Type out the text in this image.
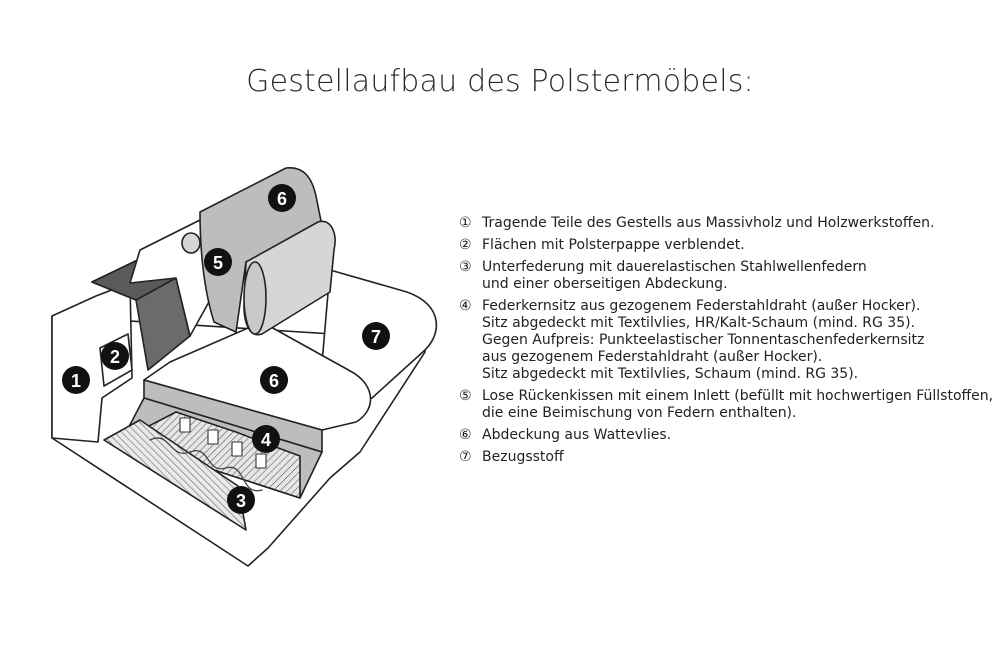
Gestellaufbau des Polstermöbels:
1
2
3
4
5
6
6
7
① Tragende Teile des Gestells aus Massivholz und Holzwerkstoffen.
② Flächen mit Polsterpappe verblendet.
③ Unterfederung mit dauerelastischen Stahlwellenfedern
und einer oberseitigen Abdeckung.
④ Federkernsitz aus gezogenem Federstahldraht (außer Hocker).
Sitz abgedeckt mit Textilvlies, HR/Kalt-Schaum (mind. RG 35).
Gegen Aufpreis: Punkteelastischer Tonnentaschenfederkernsitz
aus gezogenem Federstahldraht (außer Hocker).
Sitz abgedeckt mit Textilvlies, Schaum (mind. RG 35).
⑤ Lose Rückenkissen mit einem Inlett (befüllt mit hochwertigen Füllstoffen,
die eine Beimischung von Federn enthalten).
⑥ Abdeckung aus Wattevlies.
⑦ Bezugsstoff
